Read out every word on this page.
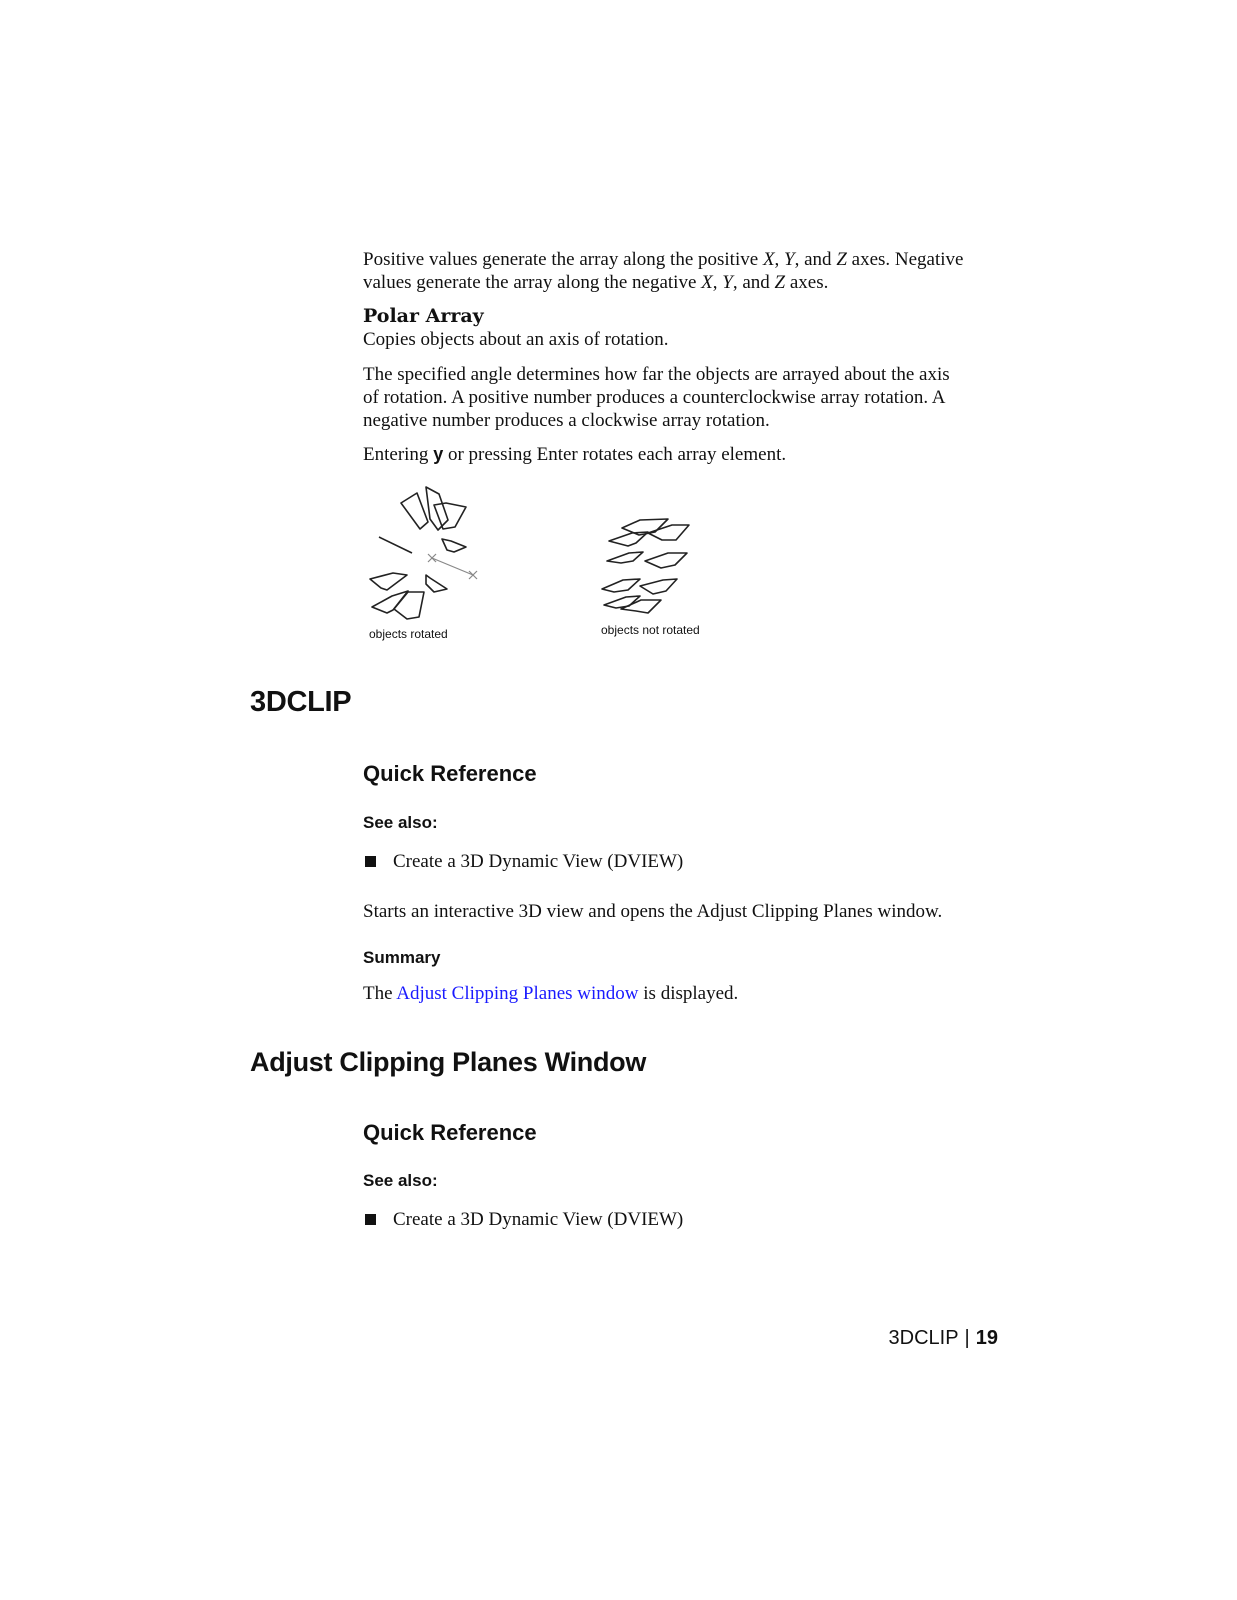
Positive values generate the array along the positive X, Y, and Z axes. Negative
values generate the array along the negative X, Y, and Z axes.
Polar Array
Copies objects about an axis of rotation.
The specified angle determines how far the objects are arrayed about the axis
of rotation. A positive number produces a counterclockwise array rotation. A
negative number produces a clockwise array rotation.
Entering y or pressing Enter rotates each array element.
objects rotated	objects not rotated
3DCLIP
Quick Reference
See also:
Create a 3D Dynamic View (DVIEW)
Starts an interactive 3D view and opens the Adjust Clipping Planes window.
Summary
The Adjust Clipping Planes window is displayed.
Adjust Clipping Planes Window
Quick Reference
See also:
Create a 3D Dynamic View (DVIEW)
3DCLIP | 19
